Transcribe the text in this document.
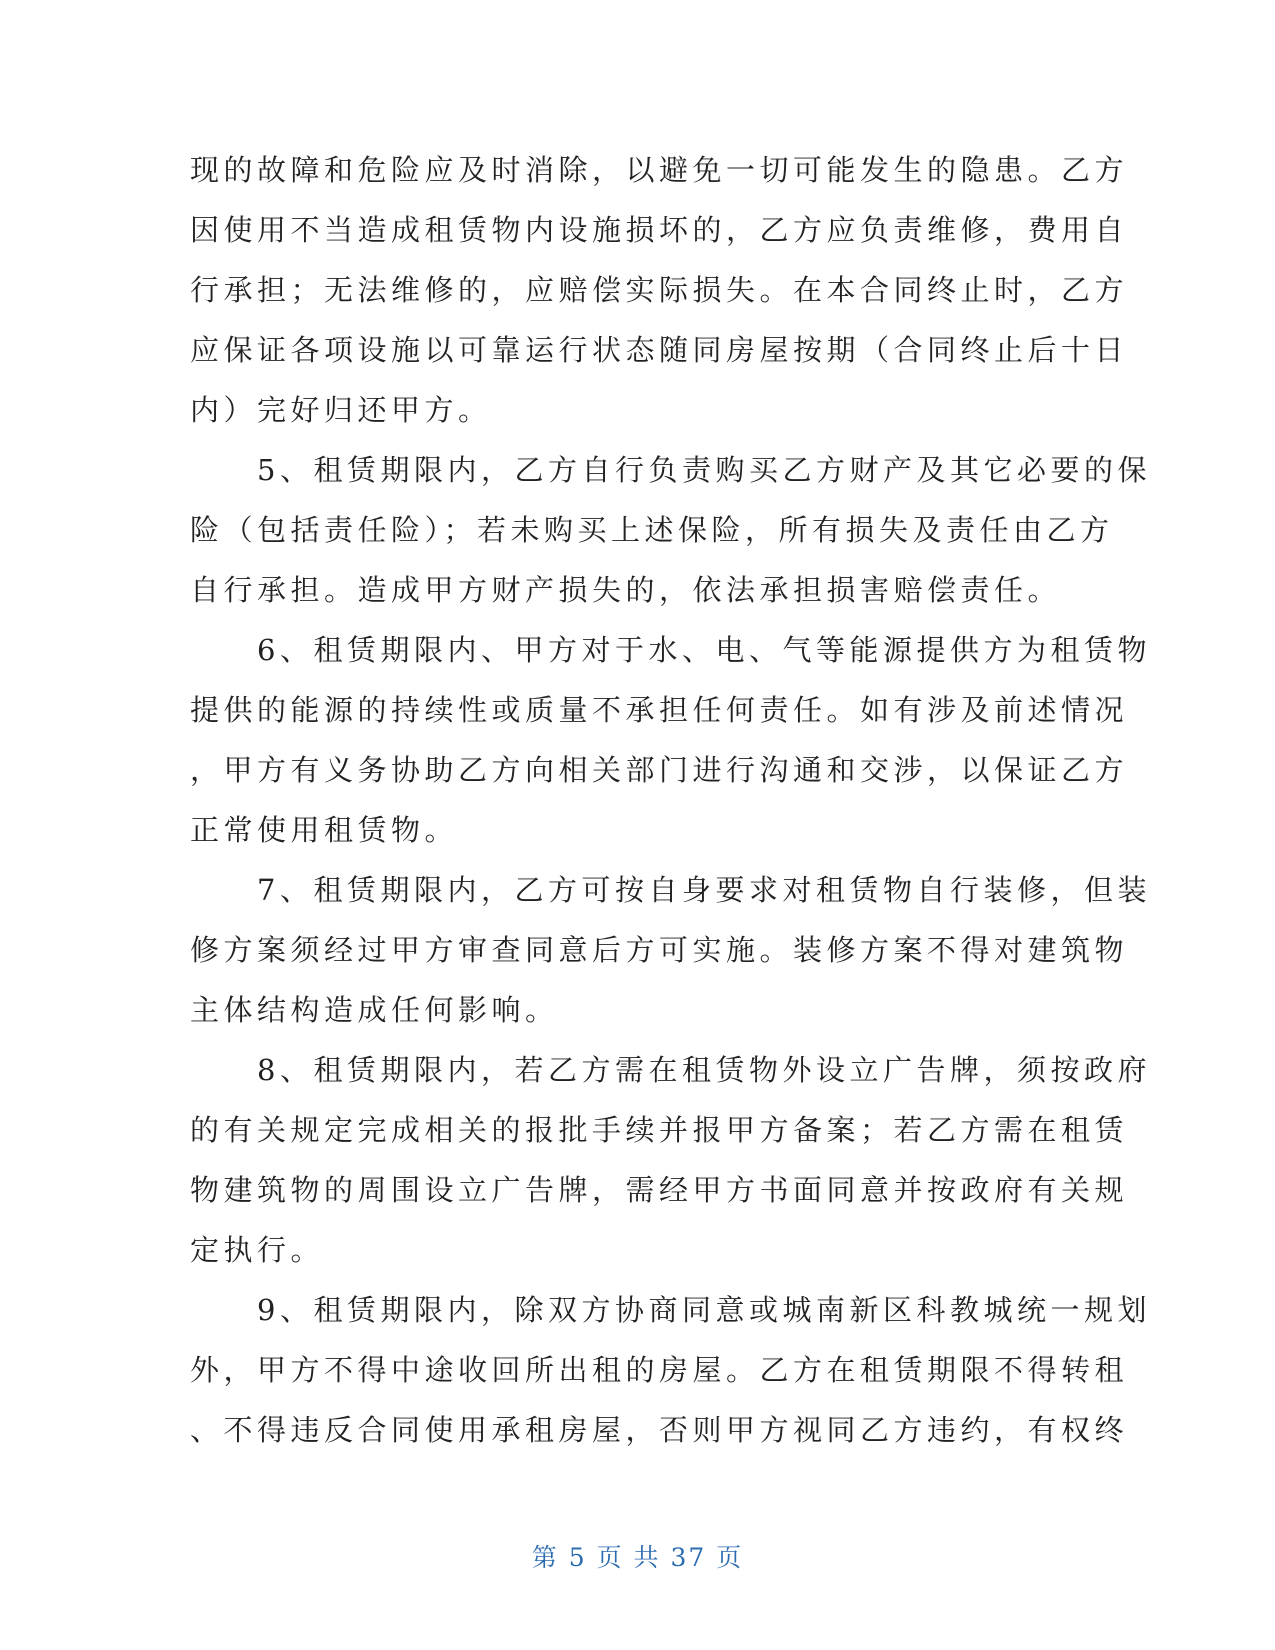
现的故障和危险应及时消除，以避免一切可能发生的隐患。乙方
因使用不当造成租赁物内设施损坏的，乙方应负责维修，费用自
行承担；无法维修的，应赔偿实际损失。在本合同终止时，乙方
应保证各项设施以可靠运行状态随同房屋按期（合同终止后十日
内）完好归还甲方。
　　5、租赁期限内，乙方自行负责购买乙方财产及其它必要的保
险（包括责任险）；若未购买上述保险，所有损失及责任由乙方
自行承担。造成甲方财产损失的，依法承担损害赔偿责任。
　　6、租赁期限内、甲方对于水、电、气等能源提供方为租赁物
提供的能源的持续性或质量不承担任何责任。如有涉及前述情况
，甲方有义务协助乙方向相关部门进行沟通和交涉，以保证乙方
正常使用租赁物。
　　7、租赁期限内，乙方可按自身要求对租赁物自行装修，但装
修方案须经过甲方审查同意后方可实施。装修方案不得对建筑物
主体结构造成任何影响。
　　8、租赁期限内，若乙方需在租赁物外设立广告牌，须按政府
的有关规定完成相关的报批手续并报甲方备案；若乙方需在租赁
物建筑物的周围设立广告牌，需经甲方书面同意并按政府有关规
定执行。
　　9、租赁期限内，除双方协商同意或城南新区科教城统一规划
外，甲方不得中途收回所出租的房屋。乙方在租赁期限不得转租
、不得违反合同使用承租房屋，否则甲方视同乙方违约，有权终
第 5 页 共 37 页
